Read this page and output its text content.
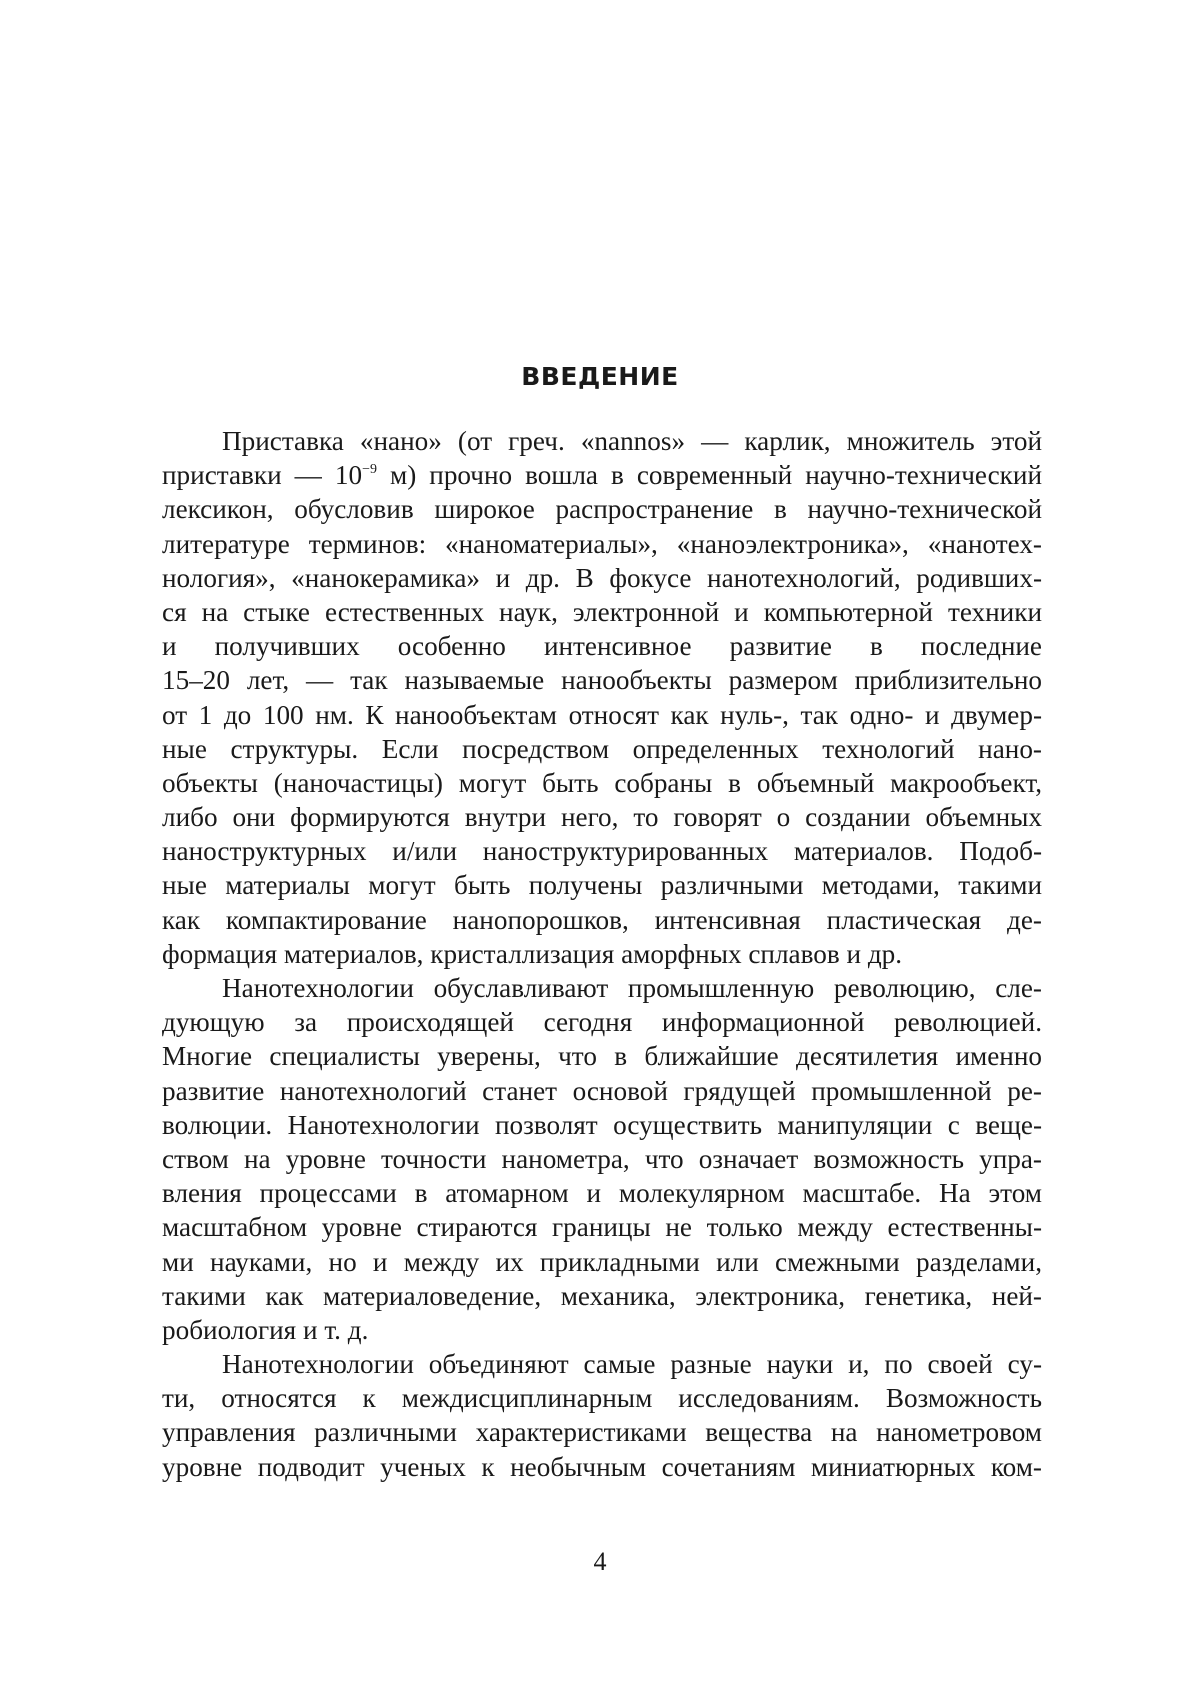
ВВЕДЕНИЕ
Приставка «нано» (от греч. «nannos» — карлик, множитель этой
приставки — $10^{-9}$ м) прочно вошла в современный научно-технический
лексикон, обусловив широкое распространение в научно-технической
литературе терминов: «наноматериалы», «наноэлектроника», «нанотех-
нология», «нанокерамика» и др. В фокусе нанотехнологий, родивших-
ся на стыке естественных наук, электронной и компьютерной техники
и получивших особенно интенсивное развитие в последние
15–20 лет, — так называемые нанообъекты размером приблизительно
от 1 до 100 нм. К нанообъектам относят как нуль-, так одно- и двумер-
ные структуры. Если посредством определенных технологий нано-
объекты (наночастицы) могут быть собраны в объемный макрообъект,
либо они формируются внутри него, то говорят о создании объемных
наноструктурных и/или наноструктурированных материалов. Подоб-
ные материалы могут быть получены различными методами, такими
как компактирование нанопорошков, интенсивная пластическая де-
формация материалов, кристаллизация аморфных сплавов и др.
Нанотехнологии обуславливают промышленную революцию, сле-
дующую за происходящей сегодня информационной революцией.
Многие специалисты уверены, что в ближайшие десятилетия именно
развитие нанотехнологий станет основой грядущей промышленной ре-
волюции. Нанотехнологии позволят осуществить манипуляции с веще-
ством на уровне точности нанометра, что означает возможность упра-
вления процессами в атомарном и молекулярном масштабе. На этом
масштабном уровне стираются границы не только между естественны-
ми науками, но и между их прикладными или смежными разделами,
такими как материаловедение, механика, электроника, генетика, ней-
робиология и т. д.
Нанотехнологии объединяют самые разные науки и, по своей су-
ти, относятся к междисциплинарным исследованиям. Возможность
управления различными характеристиками вещества на нанометровом
уровне подводит ученых к необычным сочетаниям миниатюрных ком-
4
